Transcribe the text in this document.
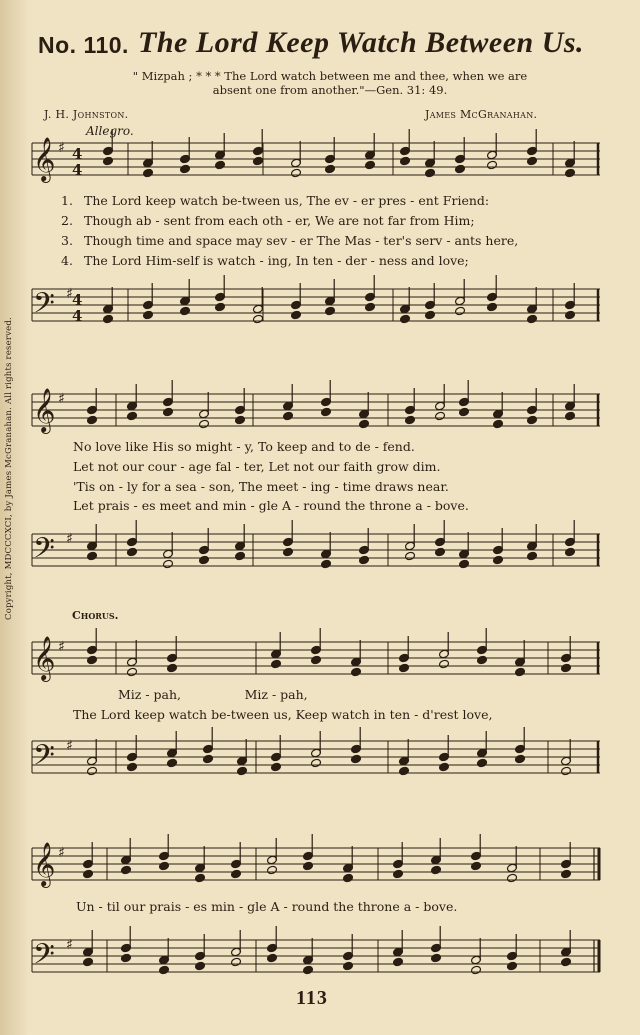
No. 110. The Lord Keep Watch Between Us.
" Mizpah ; * * * The Lord watch between me and thee, when we are
absent one from another."—Gen. 31: 49.
J. H. Johnston.	James McGranahan.
Allegro.
Copyright, MDCCCXCI, by James McGranahan. All rights reserved.
𝄞
𝄢
𝄞
𝄢
𝄞
𝄢
𝄞
𝄢
♯
♯
♯
♯
♯
♯
♯
♯
4
4
4
4
1.
2.
3.
4.
The Lord keep watch be-tween us, The ev - er pres - ent Friend:
Though ab - sent from each oth - er, We are not far from Him;
Though time and space may sev - er The Mas - ter's serv - ants here,
The Lord Him-self is watch - ing, In ten - der - ness and love;
No love like His so might - y, To keep and to de - fend.
Let not our cour - age fal - ter, Let not our faith grow dim.
'Tis on - ly for a sea - son, The meet - ing - time draws near.
Let prais - es meet and min - gle A - round the throne a - bove.
Chorus.
Miz - pah,                Miz - pah,
The Lord keep watch be-tween us, Keep watch in ten - d'rest love,
Un - til our prais - es min - gle A - round the throne a - bove.
113
